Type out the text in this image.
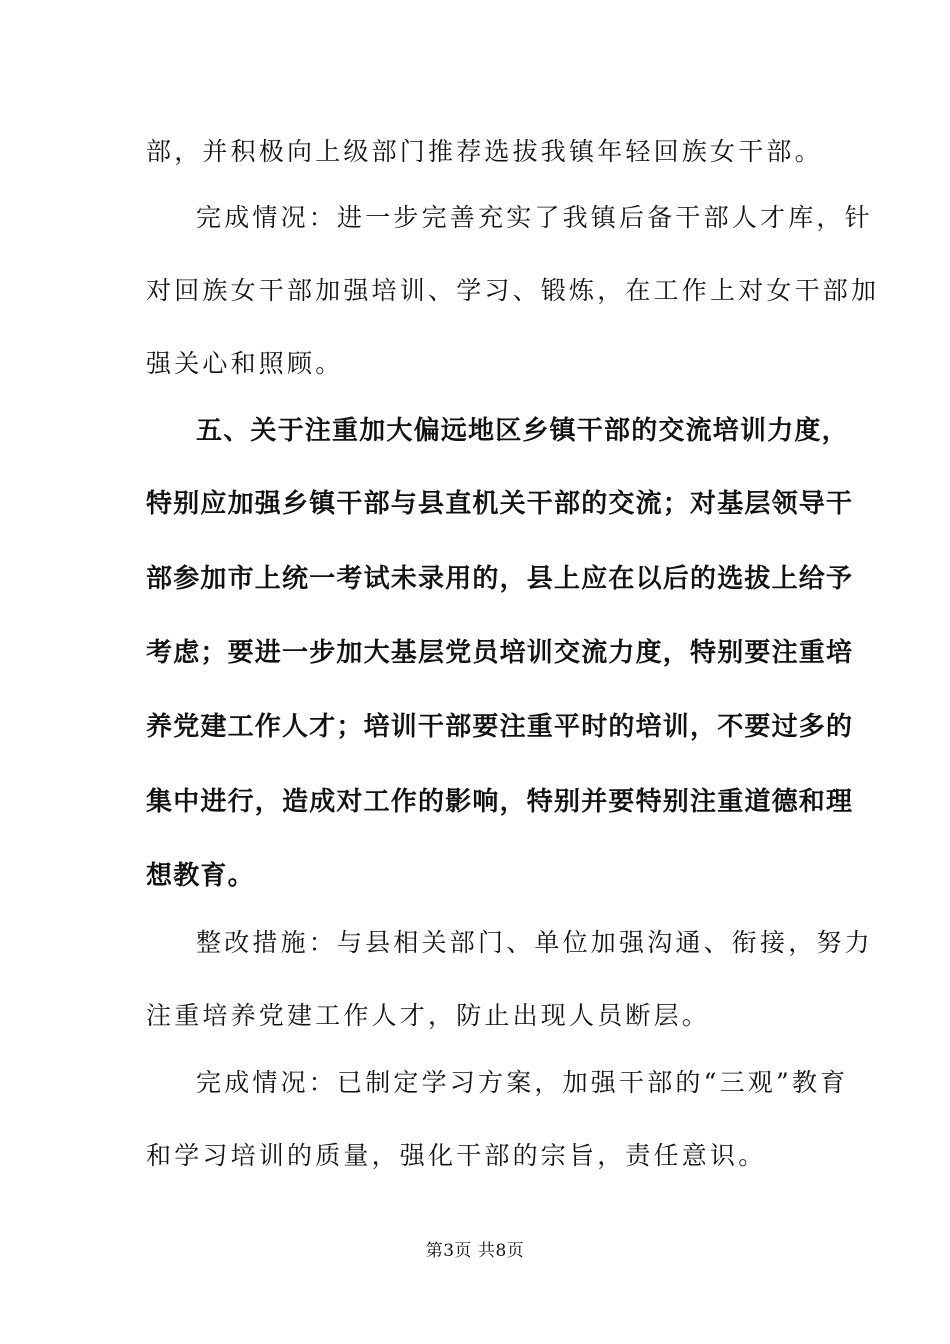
部，并积极向上级部门推荐选拔我镇年轻回族女干部。
完成情况：进一步完善充实了我镇后备干部人才库，针
对回族女干部加强培训、学习、锻炼，在工作上对女干部加
强关心和照顾。
五、关于注重加大偏远地区乡镇干部的交流培训力度，
特别应加强乡镇干部与县直机关干部的交流；对基层领导干
部参加市上统一考试未录用的，县上应在以后的选拔上给予
考虑；要进一步加大基层党员培训交流力度，特别要注重培
养党建工作人才；培训干部要注重平时的培训，不要过多的
集中进行，造成对工作的影响，特别并要特别注重道德和理
想教育。
整改措施：与县相关部门、单位加强沟通、衔接，努力
注重培养党建工作人才，防止出现人员断层。
完成情况：已制定学习方案，加强干部的“三观”教育
和学习培训的质量，强化干部的宗旨，责任意识。
第3页 共8页
